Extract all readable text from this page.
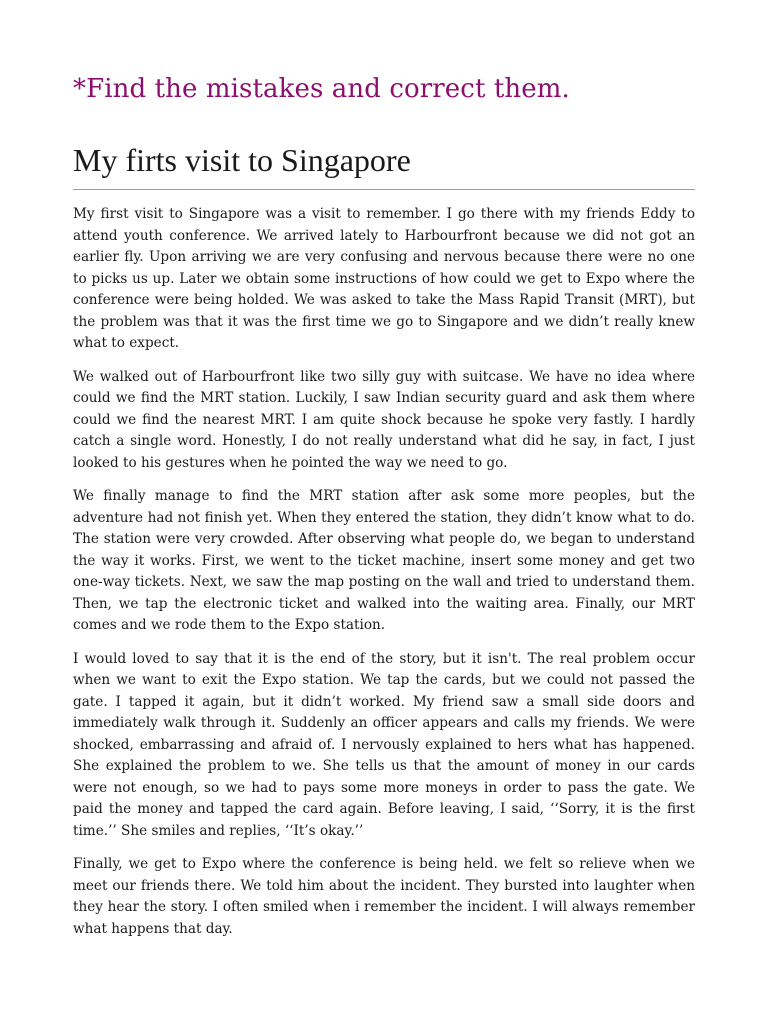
*Find the mistakes and correct them.
My firts visit to Singapore

My first visit to Singapore was a visit to remember. I go there with my friends Eddy to attend youth conference. We arrived lately to Harbourfront because we did not got an earlier fly. Upon arriving we are very confusing and nervous because there were no one to picks us up. Later we obtain some instructions of how could we get to Expo where the conference were being holded. We was asked to take the Mass Rapid Transit (MRT), but the problem was that it was the first time we go to Singapore and we didn’t really knew what to expect.

We walked out of Harbourfront like two silly guy with suitcase. We have no idea where could we find the MRT station. Luckily, I saw Indian security guard and ask them where could we find the nearest MRT. I am quite shock because he spoke very fastly. I hardly catch a single word. Honestly, I do not really understand what did he say, in fact, I just looked to his gestures when he pointed the way we need to go.

We finally manage to find the MRT station after ask some more peoples, but the adventure had not finish yet. When they entered the station, they didn’t know what to do. The station were very crowded. After observing what people do, we began to understand the way it works. First, we went to the ticket machine, insert some money and get two one-way tickets. Next, we saw the map posting on the wall and tried to understand them. Then, we tap the electronic ticket and walked into the waiting area. Finally, our MRT comes and we rode them to the Expo station.

I would loved to say that it is the end of the story, but it isn't. The real problem occur when we want to exit the Expo station. We tap the cards, but we could not passed the gate. I tapped it again, but it didn’t worked. My friend saw a small side doors and immediately walk through it. Suddenly an officer appears and calls my friends. We were shocked, embarrassing and afraid of. I nervously explained to hers what has happened. She explained the problem to we. She tells us that the amount of money in our cards were not enough, so we had to pays some more moneys in order to pass the gate. We paid the money and tapped the card again. Before leaving, I said, ‘‘Sorry, it is the first time.’’ She smiles and replies, ‘‘It’s okay.’’

Finally, we get to Expo where the conference is being held. we felt so relieve when we meet our friends there. We told him about the incident. They bursted into laughter when they hear the story. I often smiled when i remember the incident. I will always remember what happens that day.
